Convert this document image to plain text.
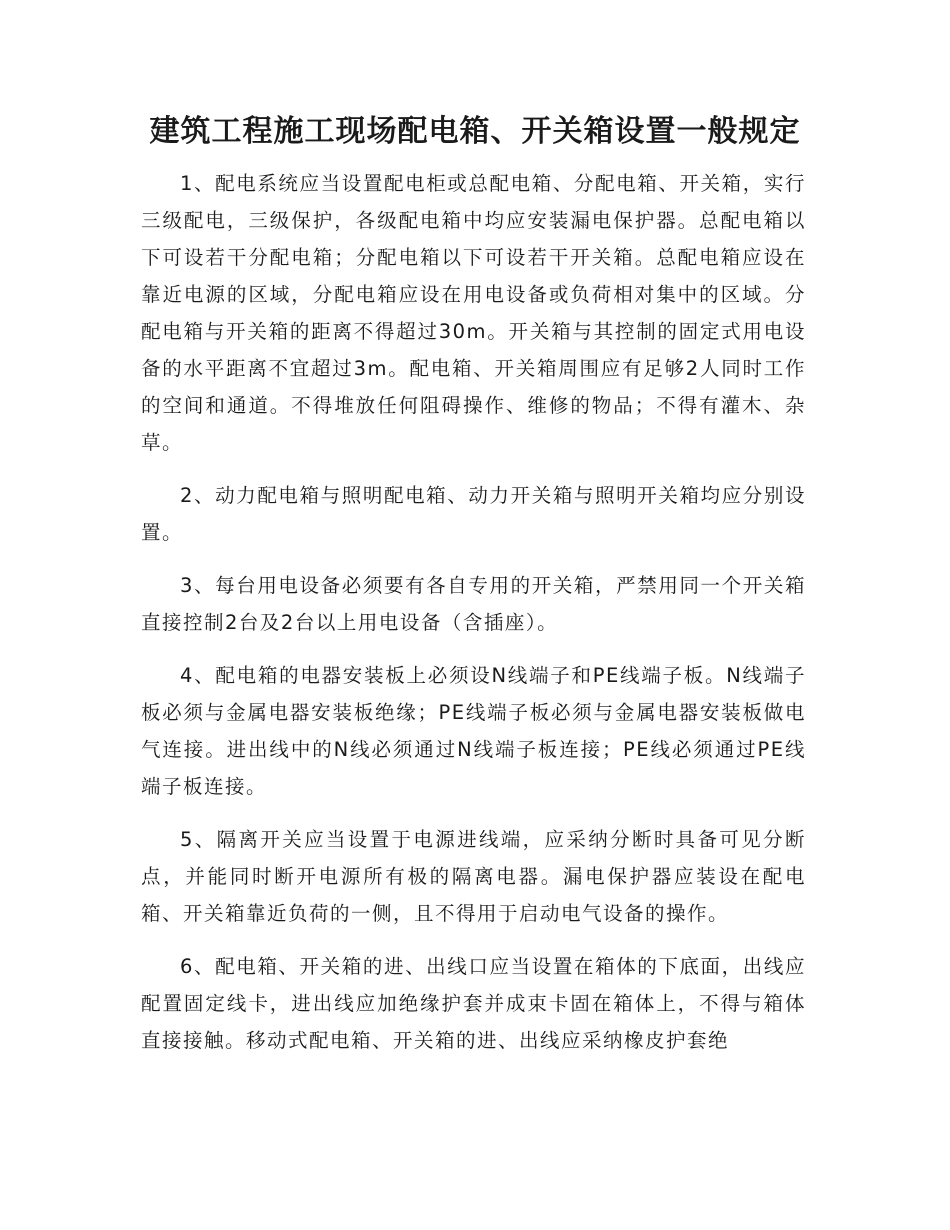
建筑工程施工现场配电箱、开关箱设置一般规定

1、配电系统应当设置配电柜或总配电箱、分配电箱、开关箱，实行三级配电，三级保护，各级配电箱中均应安装漏电保护器。总配电箱以下可设若干分配电箱；分配电箱以下可设若干开关箱。总配电箱应设在靠近电源的区域，分配电箱应设在用电设备或负荷相对集中的区域。分配电箱与开关箱的距离不得超过30m。开关箱与其控制的固定式用电设备的水平距离不宜超过3m。配电箱、开关箱周围应有足够2人同时工作的空间和通道。不得堆放任何阻碍操作、维修的物品；不得有灌木、杂草。

2、动力配电箱与照明配电箱、动力开关箱与照明开关箱均应分别设置。

3、每台用电设备必须要有各自专用的开关箱，严禁用同一个开关箱直接控制2台及2台以上用电设备（含插座）。

4、配电箱的电器安装板上必须设N线端子和PE线端子板。N线端子板必须与金属电器安装板绝缘；PE线端子板必须与金属电器安装板做电气连接。进出线中的N线必须通过N线端子板连接；PE线必须通过PE线端子板连接。

5、隔离开关应当设置于电源进线端，应采纳分断时具备可见分断点，并能同时断开电源所有极的隔离电器。漏电保护器应装设在配电箱、开关箱靠近负荷的一侧，且不得用于启动电气设备的操作。

6、配电箱、开关箱的进、出线口应当设置在箱体的下底面，出线应配置固定线卡，进出线应加绝缘护套并成束卡固在箱体上，不得与箱体直接接触。移动式配电箱、开关箱的进、出线应采纳橡皮护套绝
